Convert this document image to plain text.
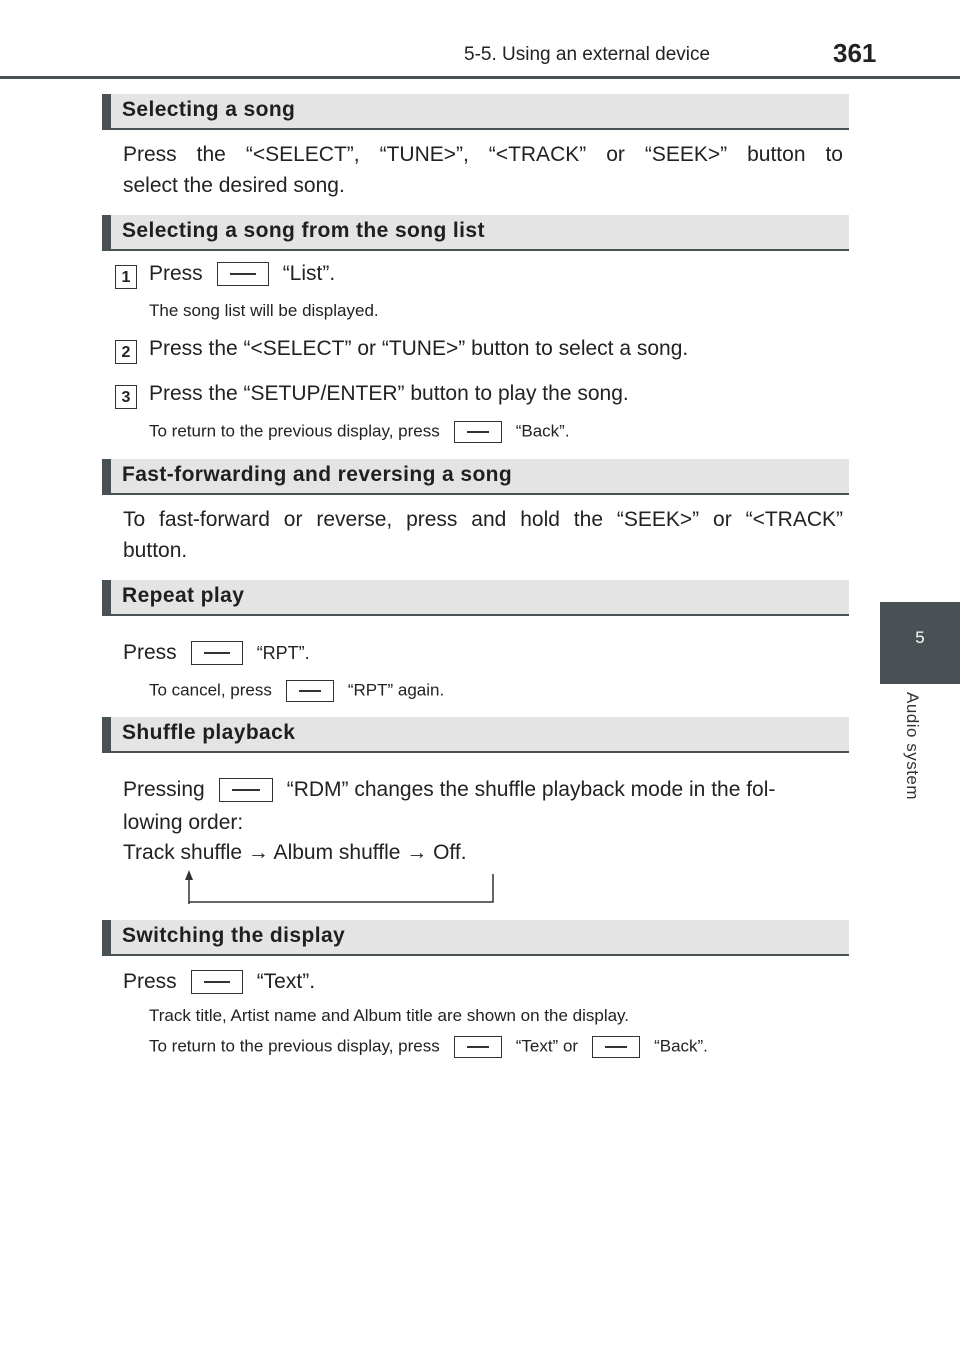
5-5. Using an external device	361
5
Audio system
Selecting a song
Press the “<SELECT”, “TUNE>”, “<TRACK” or “SEEK>” button to
select the desired song.
Selecting a song from the song list
1 Press	“List”.
The song list will be displayed.
2 Press the “<SELECT” or “TUNE>” button to select a song.
3 Press the “SETUP/ENTER” button to play the song.
To return to the previous display, press	“Back”.
Fast-forwarding and reversing a song
To fast-forward or reverse, press and hold the “SEEK>” or “<TRACK”
button.
Repeat play
Press	“RPT”.
To cancel, press	“RPT” again.
Shuffle playback
Pressing	“RDM” changes the shuffle playback mode in the fol-
lowing order:
Track shuffle → Album shuffle → Off.
Switching the display
Press	“Text”.
Track title, Artist name and Album title are shown on the display.
To return to the previous display, press	“Text” or	“Back”.
